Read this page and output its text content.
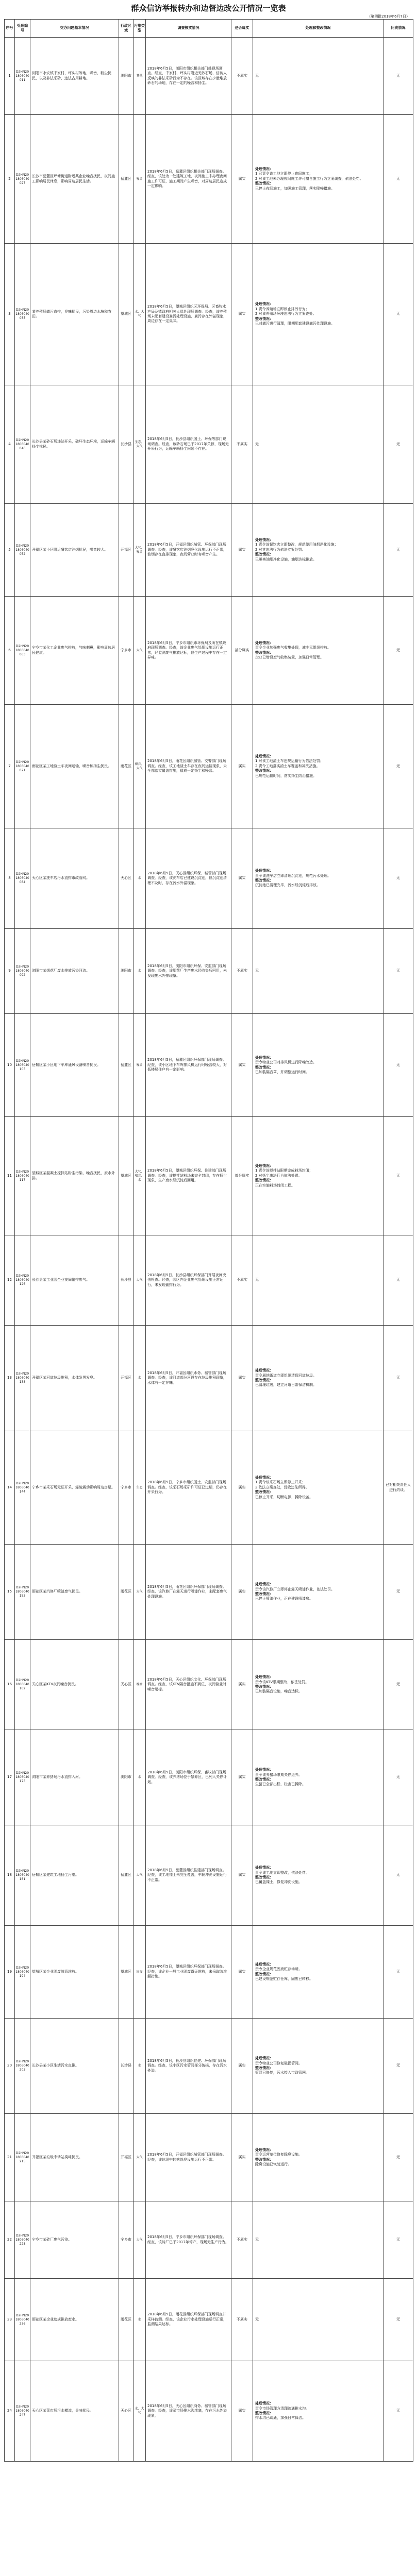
群众信访举报转办和边督边改公开情况一览表
（第四批2018年6月7日）
序号	受理编号	交办问题基本情况	行政区域	污染类型	调查核实情况	是否属实	处理和整改情况	问责情况
1	D2HN201806040011	浏阳市永安镇千家村、坪头村等地，噪音、粉尘扰民，以及非法采砂、违法占用耕地。	浏阳市	其他	2018年6月5日，浏阳市组织相关部门赴现场调查。经查，千家村、坪头村附近无砂石场，信访人反映的非法采砂行为不存在。该区域存在少量堆放砂石的场地，存在一定的噪音和扬尘。	不属实	无	无
2	D2HN201806040027	长沙市岳麓区坪塘街道附近某企业噪音扰民，夜间施工影响居民休息，影响周边居民生活。	岳麓区	噪音	2018年6月5日，岳麓区组织相关部门现场调查。经查，该处为一处建筑工地，夜间施工未办理夜间施工许可证，施工期间产生噪音，对周边居民造成一定影响。	属实	处理情况：
1.已责令该工地立即停止夜间施工；
2.对该工地未办理夜间施工许可擅自施工行为立案调查，依法处罚。
整改情况：
已停止夜间施工，加强施工管理，落实降噪措施。	无
3	D2HN201806040035	某养殖场粪污直排，臭味扰民，污染周边水塘和农田。	望城区	水、大气	2018年6月5日，望城区组织区环保局、区畜牧水产局及镇政府相关人员赴现场调查。经查，该养殖场未配套建设粪污处理设施，粪污存在外溢现象，周边存在一定臭味。	属实	处理情况：
1.责令养殖场立即停止排污行为；
2.对该养殖场环境违法行为立案查处。
整改情况：
已对粪污进行清理，限期配套建设粪污处理设施。	无
4	D2HN201806040046	长沙县某砂石场违法开采，破坏生态环境，运输车辆扬尘扰民。	长沙县	生态、大气	2018年6月5日，长沙县组织国土、环保等部门现场调查。经查，该砂石场已于2017年关停，现场无开采行为，运输车辆扬尘问题不存在。	不属实	无	无
5	D2HN201806040052	开福区某小区附近餐饮店油烟扰民，噪音较大。	开福区	大气、噪音	2018年6月5日，开福区组织城管、环保部门现场调查。经查，该餐饮店油烟净化设施运行不正常，油烟存在直排现象，夜间营业时有噪音产生。	属实	处理情况：
1.责令该餐饮店立即整改，规范使用油烟净化设施；
2.对其违法行为依法立案处罚。
整改情况：
已更换油烟净化设施，油烟达标排放。	无
6	D2HN201806040063	宁乡市某化工企业废气排放，气味刺鼻，影响周边居民健康。	宁乡市	大气	2018年6月5日，宁乡市组织市环保局及所在镇政府现场调查。经查，该企业废气处理设施运行正常，经监测废气排放达标，但生产过程中存在一定异味。	部分属实	处理情况：
责令企业加强废气收集处理，减少无组织排放。
整改情况：
企业已增设废气收集装置，加强日常管理。	无
7	D2HN201806040071	雨花区某工地渣土车夜间运输，噪音和扬尘扰民。	雨花区	噪音、大气	2018年6月5日，雨花区组织城管、交警部门现场调查。经查，该工地渣土车存在夜间运输现象，未全部落实覆盖措施，造成一定扬尘和噪音。	属实	处理情况：
1.对该工地渣土车违规运输行为依法处罚；
2.责令工地落实渣土车覆盖和冲洗措施。
整改情况：
已规范运输时间，落实扬尘防治措施。	无
8	D2HN201806040084	天心区某洗车店污水直排市政管网。	天心区	水	2018年6月5日，天心区组织环保、城管部门现场调查。经查，该洗车店已建设沉淀池，但沉淀池清理不及时，存在污水外溢现象。	属实	处理情况：
责令该洗车店立即清理沉淀池，规范污水处理。
整改情况：
沉淀池已清理完毕，污水经沉淀后排放。	无
9	D2HN201806040092	浏阳市某烟花厂废水排放污染河流。	浏阳市	水	2018年6月5日，浏阳市组织环保、安监部门现场调查。经查，该烟花厂生产废水经收集后回用，未发现废水外排现象。	不属实	无	无
10	D2HN201806040105	岳麓区某小区地下车库通风设备噪音扰民。	岳麓区	噪音	2018年6月5日，岳麓区组织环保部门现场调查。经查，该小区地下车库排风机运行时噪音较大，对低楼层住户有一定影响。	属实	处理情况：
责令物业公司对排风机进行降噪改造。
整改情况：
已加装隔音罩，并调整运行时间。	无
11	D2HN201806040117	望城区某混凝土搅拌站粉尘污染、噪音扰民，废水外排。	望城区	大气、噪音、水	2018年6月5日，望城区组织环保、住建部门现场调查。经查，该搅拌站料场未完全封闭，存在扬尘现象，生产废水经沉淀后回用。	部分属实	处理情况：
1.责令该搅拌站限期完成料场封闭；
2.对扬尘违法行为依法处罚。
整改情况：
正在实施料场封闭工程。	无
12	D2HN201806040126	长沙县某工业园企业夜间偷排废气。	长沙县	大气	2018年6月5日，长沙县组织环保部门开展夜间突击检查。经查，园区内企业废气处理设施正常运行，未发现偷排行为。	不属实	无	无
13	D2HN201806040138	开福区某河道垃圾堆积，水体发黑发臭。	开福区	水	2018年6月5日，开福区组织水务、城管部门现场调查。经查，该河道部分河段存在垃圾堆积现象，水体有一定异味。	属实	处理情况：
责令属地街道立即组织清理河道垃圾。
整改情况：
已清理垃圾，建立河道日常保洁机制。	无
14	D2HN201806040144	宁乡市某采石场无证开采，爆破震动影响周边房屋。	宁乡市	生态	2018年6月5日，宁乡市组织国土、安监部门现场调查。经查，该采石场采矿许可证已过期，仍存在开采行为。	属实	处理情况：
1.责令该采石场立即停止开采；
2.依法立案查处，没收违法所得。
整改情况：
已停止开采，切断电源，拆除设备。	已对相关责任人进行约谈。
15	D2HN201806040153	雨花区某汽修厂喷漆废气扰民。	雨花区	大气	2018年6月5日，雨花区组织环保部门现场调查。经查，该汽修厂在露天进行喷漆作业，未配套废气处理设施。	属实	处理情况：
责令该汽修厂立即停止露天喷漆作业，依法处罚。
整改情况：
已停止喷漆作业，正在建设喷漆房。	无
16	D2HN201806040162	天心区某KTV夜间噪音扰民。	天心区	噪音	2018年6月5日，天心区组织文化、环保部门现场调查。经查，该KTV隔音措施不到位，夜间营业时噪音超标。	属实	处理情况：
责令该KTV限期整改，依法处罚。
整改情况：
已加装隔音设施，噪音达标。	无
17	D2HN201806040175	浏阳市某养猪场污水直排入河。	浏阳市	水	2018年6月5日，浏阳市组织环保、畜牧部门现场调查。经查，该养猪场位于禁养区，已列入关停计划。	属实	处理情况：
责令该养猪场限期关停退养。
整改情况：
生猪已全部出栏，栏舍已拆除。	无
18	D2HN201806040181	岳麓区某建筑工地扬尘污染。	岳麓区	大气	2018年6月5日，岳麓区组织住建部门现场调查。经查，该工地裸土未完全覆盖，车辆冲洗设施运行不正常。	属实	处理情况：
责令该工地立即整改，依法处罚。
整改情况：
已覆盖裸土，修复冲洗设施。	无
19	D2HN201806040194	望城区某企业固废随意堆放。	望城区	固废	2018年6月5日，望城区组织环保部门现场调查。经查，该企业一般工业固废露天堆放，未采取防渗漏措施。	属实	处理情况：
责令企业规范固废贮存场所。
整改情况：
已建设规范贮存仓库，固废已转移。	无
20	D2HN201806040203	长沙县某小区生活污水直排。	长沙县	水	2018年6月5日，长沙县组织住建、环保部门现场调查。经查，该小区污水管网部分破损，存在污水外溢。	属实	处理情况：
责令物业公司修复破损管网。
整改情况：
管网已修复，污水接入市政管网。	无
21	D2HN201806040215	开福区某垃圾中转站臭味扰民。	开福区	大气	2018年6月5日，开福区组织城管部门现场调查。经查，该垃圾中转站除臭设施运行不正常。	属实	处理情况：
责令运营单位修复除臭设施。
整改情况：
除臭设施已恢复运行。	无
22	D2HN201806040228	宁乡市某砖厂废气污染。	宁乡市	大气	2018年6月5日，宁乡市组织环保部门现场调查。经查，该砖厂已于2017年停产，现场无生产行为。	不属实	无	无
23	D2HN201806040236	雨花区某企业违规排放废水。	雨花区	水	2018年6月5日，雨花区组织环保部门现场调查并采样监测。经查，该企业污水处理设施运行正常，监测结果达标。	不属实	无	无
24	D2HN201806040247	天心区某菜市场污水横流，臭味扰民。	天心区	水、大气	2018年6月5日，天心区组织商务、城管部门现场调查。经查，该菜市场排水沟堵塞，存在污水外溢现象。	属实	处理情况：
责令市场管理方清理疏通排水沟。
整改情况：
排水沟已疏通，加强日常保洁。	无
